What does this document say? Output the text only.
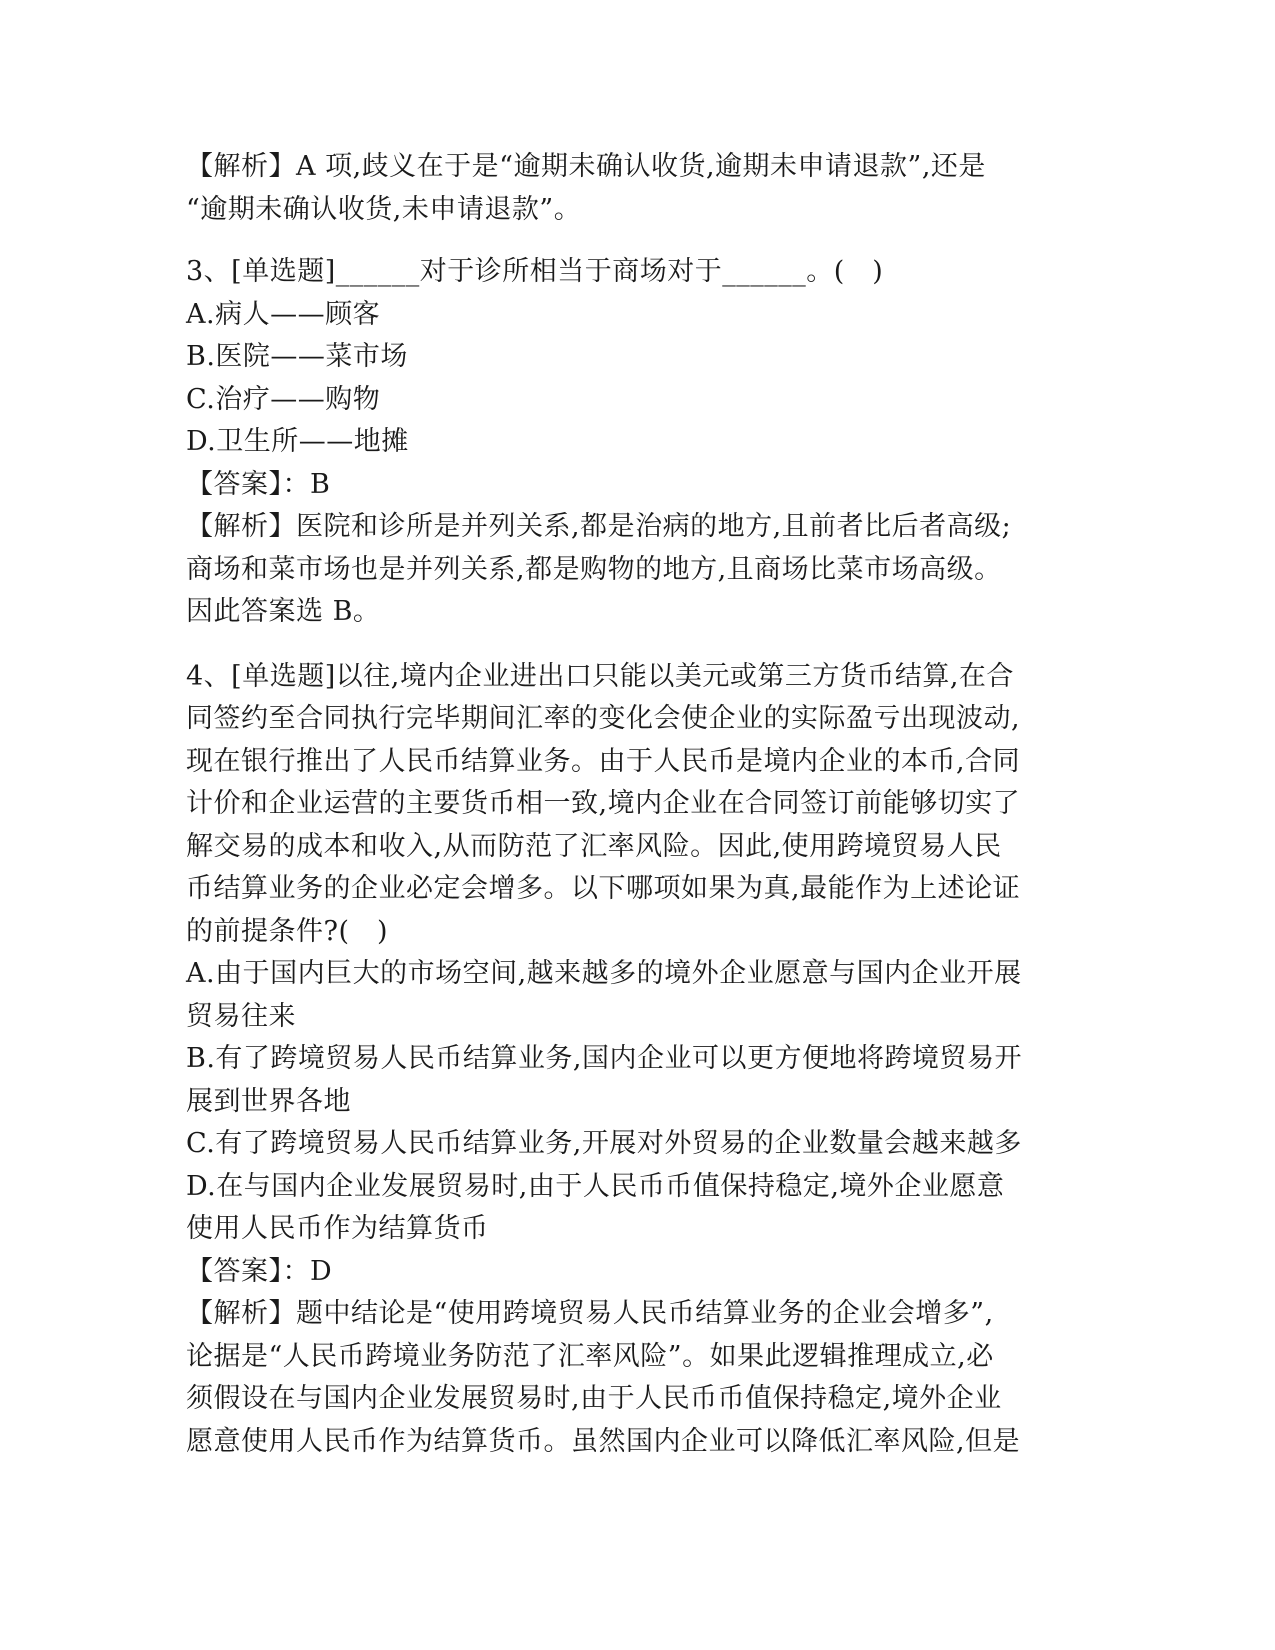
【解析】A 项,歧义在于是“逾期未确认收货,逾期未申请退款”,还是
“逾期未确认收货,未申请退款”。
3、[单选题]______对于诊所相当于商场对于______。(　)
A.病人——顾客
B.医院——菜市场
C.治疗——购物
D.卫生所——地摊
【答案】：B
【解析】医院和诊所是并列关系,都是治病的地方,且前者比后者高级;
商场和菜市场也是并列关系,都是购物的地方,且商场比菜市场高级。
因此答案选 B。
4、[单选题]以往,境内企业进出口只能以美元或第三方货币结算,在合
同签约至合同执行完毕期间汇率的变化会使企业的实际盈亏出现波动,
现在银行推出了人民币结算业务。由于人民币是境内企业的本币,合同
计价和企业运营的主要货币相一致,境内企业在合同签订前能够切实了
解交易的成本和收入,从而防范了汇率风险。因此,使用跨境贸易人民
币结算业务的企业必定会增多。以下哪项如果为真,最能作为上述论证
的前提条件?(　)
A.由于国内巨大的市场空间,越来越多的境外企业愿意与国内企业开展
贸易往来
B.有了跨境贸易人民币结算业务,国内企业可以更方便地将跨境贸易开
展到世界各地
C.有了跨境贸易人民币结算业务,开展对外贸易的企业数量会越来越多
D.在与国内企业发展贸易时,由于人民币币值保持稳定,境外企业愿意
使用人民币作为结算货币
【答案】：D
【解析】题中结论是“使用跨境贸易人民币结算业务的企业会增多”,
论据是“人民币跨境业务防范了汇率风险”。如果此逻辑推理成立,必
须假设在与国内企业发展贸易时,由于人民币币值保持稳定,境外企业
愿意使用人民币作为结算货币。虽然国内企业可以降低汇率风险,但是
